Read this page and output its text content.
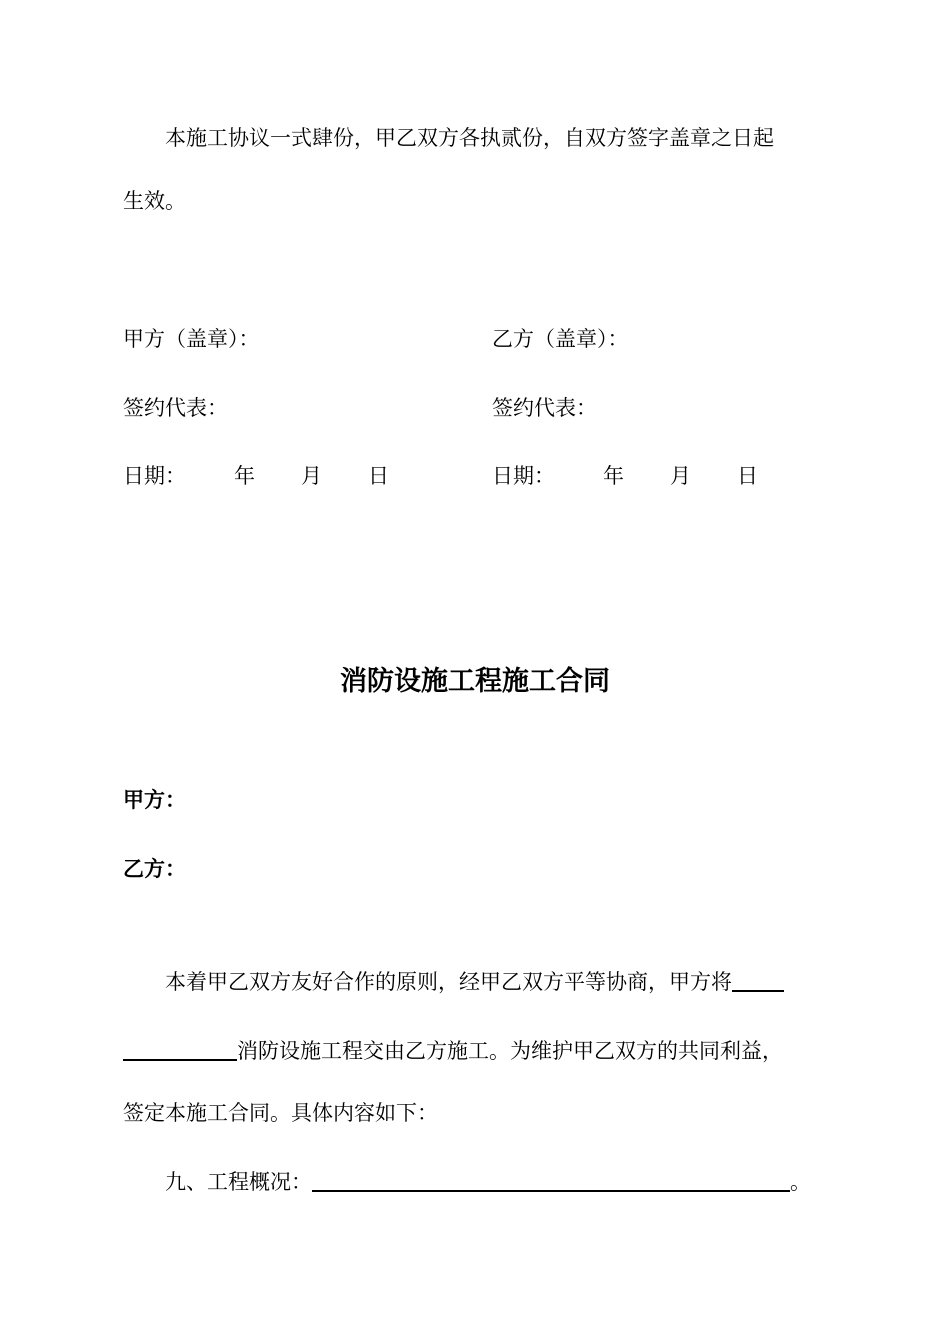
本施工协议一式肆份，甲乙双方各执贰份，自双方签字盖章之日起
生效。
甲方（盖章）：	乙方（盖章）：
签约代表：	签约代表：
日期： 年 月 日	日期： 年 月 日
消防设施工程施工合同
甲方：
乙方：
本着甲乙双方友好合作的原则，经甲乙双方平等协商，甲方将
消防设施工程交由乙方施工。为维护甲乙双方的共同利益，
签定本施工合同。具体内容如下：
九、工程概况：	。
